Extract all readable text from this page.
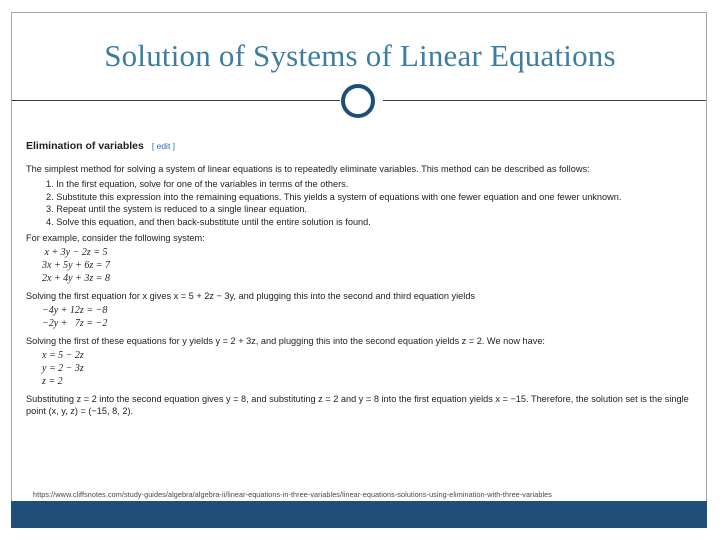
Solution of Systems of Linear Equations
Elimination of variables [ edit ]

The simplest method for solving a system of linear equations is to repeatedly eliminate variables. This method can be described as follows:

1. In the first equation, solve for one of the variables in terms of the others.
2. Substitute this expression into the remaining equations. This yields a system of equations with one fewer equation and one fewer unknown.
3. Repeat until the system is reduced to a single linear equation.
4. Solve this equation, and then back-substitute until the entire solution is found.

For example, consider the following system:

x + 3y − 2z = 5
3x + 5y + 6z = 7
2x + 4y + 3z = 8

Solving the first equation for x gives x = 5 + 2z − 3y, and plugging this into the second and third equation yields

−4y + 12z = −8
−2y +   7z = −2

Solving the first of these equations for y yields y = 2 + 3z, and plugging this into the second equation yields z = 2. We now have:

x = 5 − 2z
y = 2 − 3z
z = 2

Substituting z = 2 into the second equation gives y = 8, and substituting z = 2 and y = 8 into the first equation yields x = −15. Therefore, the solution set is the single

point (x, y, z) = (−15, 8, 2).

https://www.cliffsnotes.com/study-guides/algebra/algebra-ii/linear-equations-in-three-variables/linear-equations-solutions-using-elimination-with-three-variables
